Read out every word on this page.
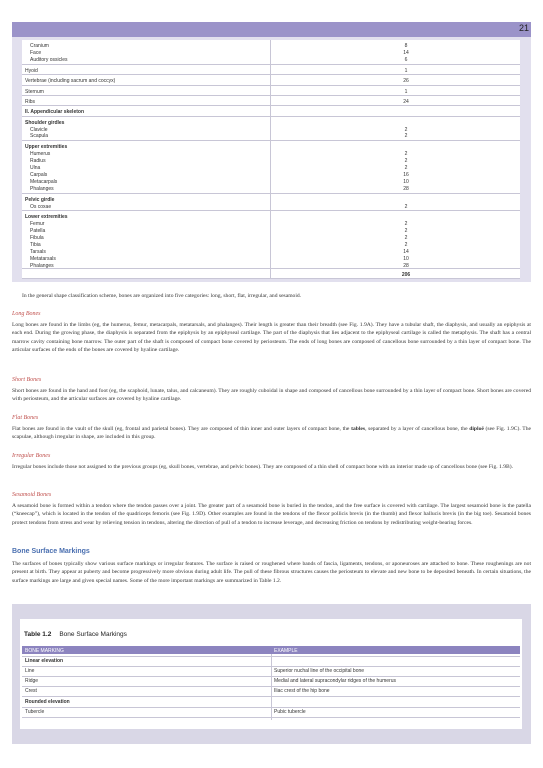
21
Cranium	8
Face	14
Auditory ossicles	6
Hyoid	1
Vertebrae (including sacrum and coccyx)	26
Sternum	1
Ribs	24
II. Appendicular skeleton
Shoulder girdles
Clavicle	2
Scapula	2
Upper extremities
Humerus	2
Radius	2
Ulna	2
Carpals	16
Metacarpals	10
Phalanges	28
Pelvic girdle
Os coxae	2
Lower extremities
Femur	2
Patella	2
Fibula	2
Tibia	2
Tarsals	14
Metatarsals	10
Phalanges	28
206
In the general shape classification scheme, bones are organized into five categories: long, short, flat, irregular, and sesamoid.
Long Bones
Long bones are found in the limbs (eg, the humerus, femur, metacarpals, metatarsals, and phalanges). Their length is greater than their breadth (see Fig. 1.9A). They have a tubular shaft, the diaphysis, and usually an epiphysis at each end. During the growing phase, the diaphysis is separated from the epiphysis by an epiphyseal cartilage. The part of the diaphysis that lies adjacent to the epiphyseal cartilage is called the metaphysis. The shaft has a central marrow cavity containing bone marrow. The outer part of the shaft is composed of compact bone covered by periosteum. The ends of long bones are composed of cancellous bone surrounded by a thin layer of compact bone. The articular surfaces of the ends of the bones are covered by hyaline cartilage.
Short Bones
Short bones are found in the hand and foot (eg, the scaphoid, lunate, talus, and calcaneum). They are roughly cuboidal in shape and composed of cancellous bone surrounded by a thin layer of compact bone. Short bones are covered with periosteum, and the articular surfaces are covered by hyaline cartilage.
Flat Bones
Flat bones are found in the vault of the skull (eg, frontal and parietal bones). They are composed of thin inner and outer layers of compact bone, the tables, separated by a layer of cancellous bone, the diploë (see Fig. 1.9C). The scapulae, although irregular in shape, are included in this group.
Irregular Bones
Irregular bones include those not assigned to the previous groups (eg, skull bones, vertebrae, and pelvic bones). They are composed of a thin shell of compact bone with an interior made up of cancellous bone (see Fig. 1.9B).
Sesamoid Bones
A sesamoid bone is formed within a tendon where the tendon passes over a joint. The greater part of a sesamoid bone is buried in the tendon, and the free surface is covered with cartilage. The largest sesamoid bone is the patella (“kneecap”), which is located in the tendon of the quadriceps femoris (see Fig. 1.9D). Other examples are found in the tendons of the flexor pollicis brevis (in the thumb) and flexor hallucis brevis (in the big toe). Sesamoid bones protect tendons from stress and wear by relieving tension in tendons, altering the direction of pull of a tendon to increase leverage, and decreasing friction on tendons by redistributing weight-bearing forces.
Bone Surface Markings
The surfaces of bones typically show various surface markings or irregular features. The surface is raised or roughened where bands of fascia, ligaments, tendons, or aponeuroses are attached to bone. These roughenings are not present at birth. They appear at puberty and become progressively more obvious during adult life. The pull of these fibrous structures causes the periosteum to elevate and new bone to be deposited beneath. In certain situations, the surface markings are large and given special names. Some of the more important markings are summarized in Table 1.2.
Table 1.2 Bone Surface Markings
BONE MARKING	EXAMPLE
Linear elevation
Line	Superior nuchal line of the occipital bone
Ridge	Medial and lateral supracondylar ridges of the humerus
Crest	Iliac crest of the hip bone
Rounded elevation
Tubercle	Pubic tubercle
